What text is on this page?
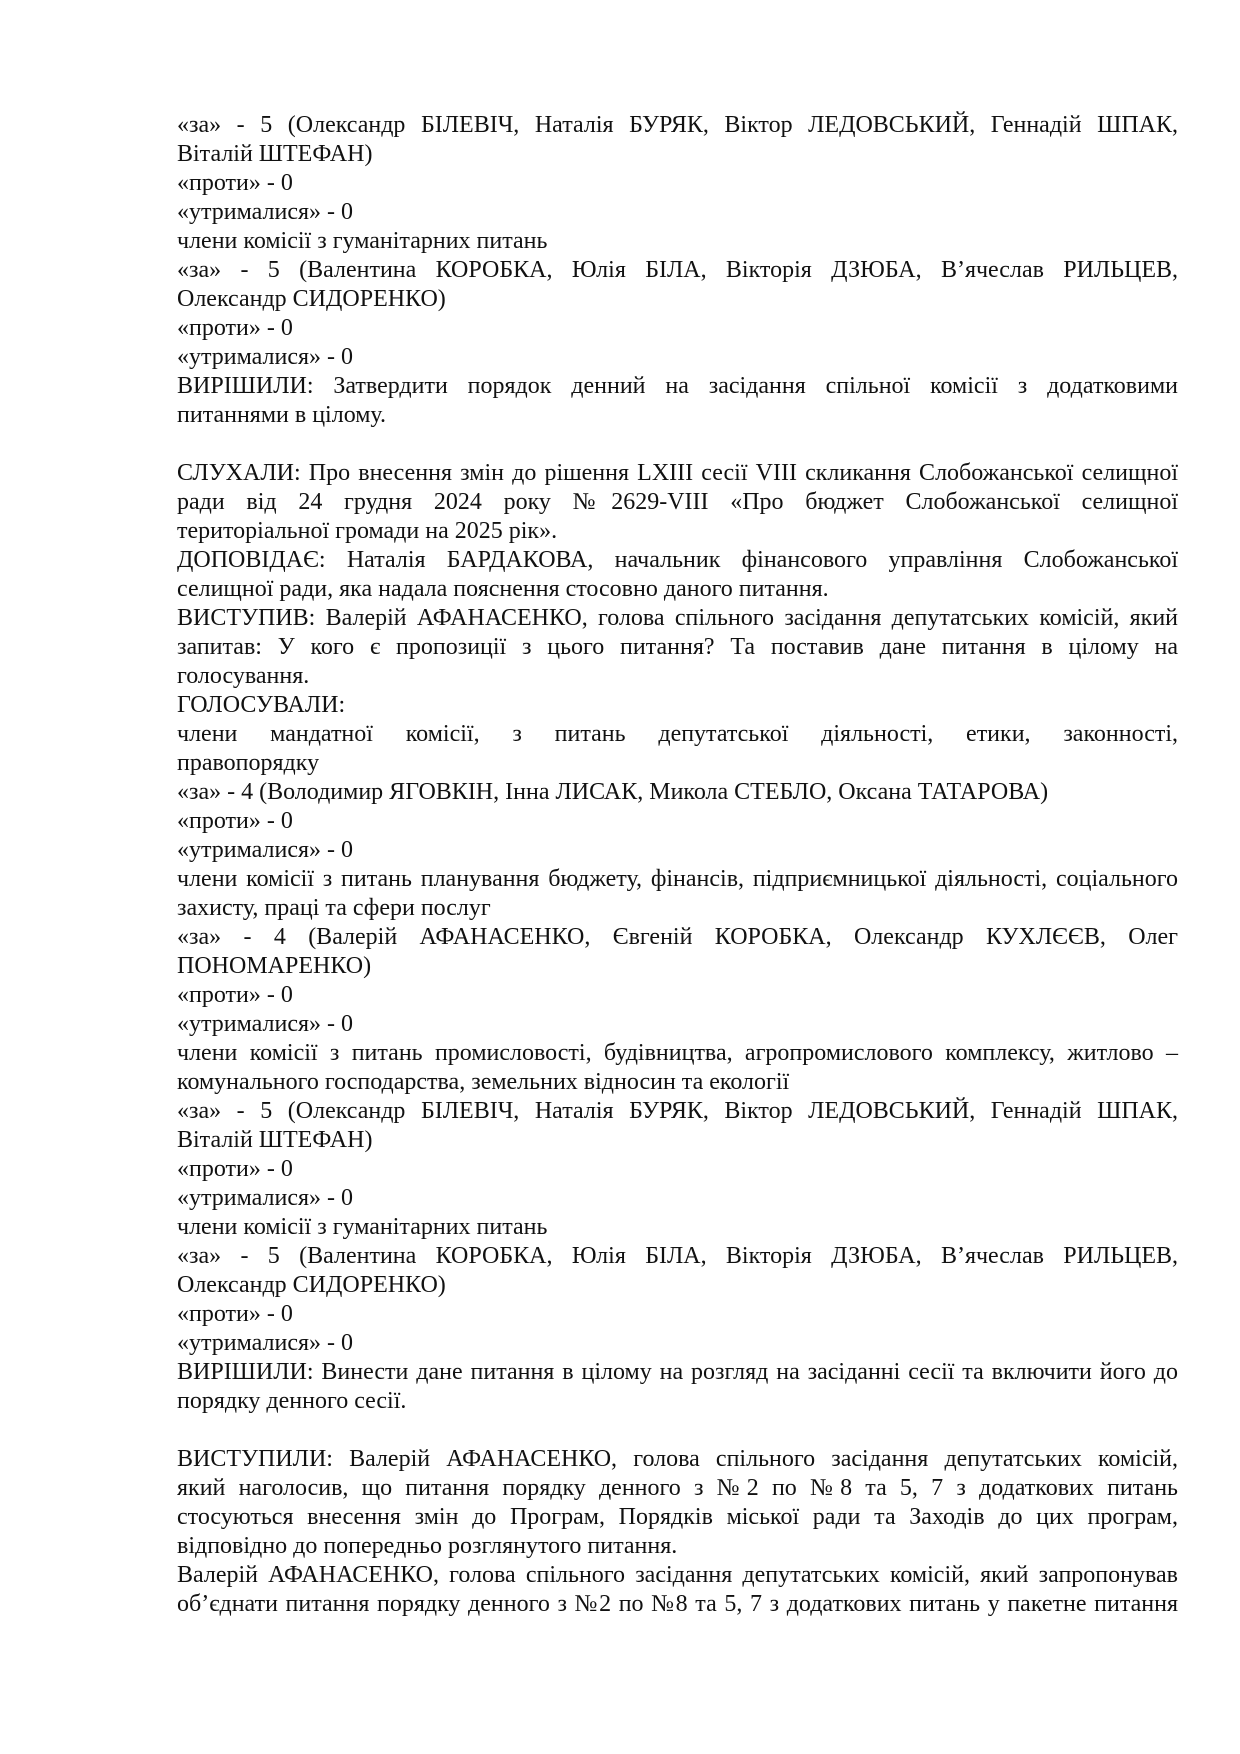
«за» - 5 (Олександр БІЛЕВІЧ, Наталія БУРЯК, Віктор ЛЕДОВСЬКИЙ, Геннадій ШПАК,
Віталій ШТЕФАН)
«проти» - 0
«утрималися» - 0
члени комісії з гуманітарних питань
«за» - 5 (Валентина КОРОБКА, Юлія БІЛА, Вікторія ДЗЮБА, В’ячеслав РИЛЬЦЕВ,
Олександр СИДОРЕНКО)
«проти» - 0
«утрималися» - 0
ВИРІШИЛИ: Затвердити порядок денний на засідання спільної комісії з додатковими
питаннями в цілому.
СЛУХАЛИ: Про внесення змін до рішення LXIII сесії VIII скликання Слобожанської селищної
ради від 24 грудня 2024 року №2629-VIII «Про бюджет Слобожанської селищної
територіальної громади на 2025 рік».
ДОПОВІДАЄ: Наталія БАРДАКОВА, начальник фінансового управління Слобожанської
селищної ради, яка надала пояснення стосовно даного питання.
ВИСТУПИВ: Валерій АФАНАСЕНКО, голова спільного засідання депутатських комісій, який
запитав: У кого є пропозиції з цього питання? Та поставив дане питання в цілому на
голосування.
ГОЛОСУВАЛИ:
члени мандатної комісії, з питань депутатської діяльності, етики, законності,
правопорядку
«за» - 4 (Володимир ЯГОВКІН, Інна ЛИСАК, Микола СТЕБЛО, Оксана ТАТАРОВА)
«проти» - 0
«утрималися» - 0
члени комісії з питань планування бюджету, фінансів, підприємницької діяльності, соціального
захисту, праці та сфери послуг
«за» - 4 (Валерій АФАНАСЕНКО, Євгеній КОРОБКА, Олександр КУХЛЄЄВ, Олег
ПОНОМАРЕНКО)
«проти» - 0
«утрималися» - 0
члени комісії з питань промисловості, будівництва, агропромислового комплексу, житлово –
комунального господарства, земельних відносин та екології
«за» - 5 (Олександр БІЛЕВІЧ, Наталія БУРЯК, Віктор ЛЕДОВСЬКИЙ, Геннадій ШПАК,
Віталій ШТЕФАН)
«проти» - 0
«утрималися» - 0
члени комісії з гуманітарних питань
«за» - 5 (Валентина КОРОБКА, Юлія БІЛА, Вікторія ДЗЮБА, В’ячеслав РИЛЬЦЕВ,
Олександр СИДОРЕНКО)
«проти» - 0
«утрималися» - 0
ВИРІШИЛИ: Винести дане питання в цілому на розгляд на засіданні сесії та включити його до
порядку денного сесії.
ВИСТУПИЛИ: Валерій АФАНАСЕНКО, голова спільного засідання депутатських комісій,
який наголосив, що питання порядку денного з №2 по №8 та 5, 7 з додаткових питань
стосуються внесення змін до Програм, Порядків міської ради та Заходів до цих програм,
відповідно до попередньо розглянутого питання.
Валерій АФАНАСЕНКО, голова спільного засідання депутатських комісій, який запропонував
об’єднати питання порядку денного з №2 по №8 та 5, 7 з додаткових питань у пакетне питання
